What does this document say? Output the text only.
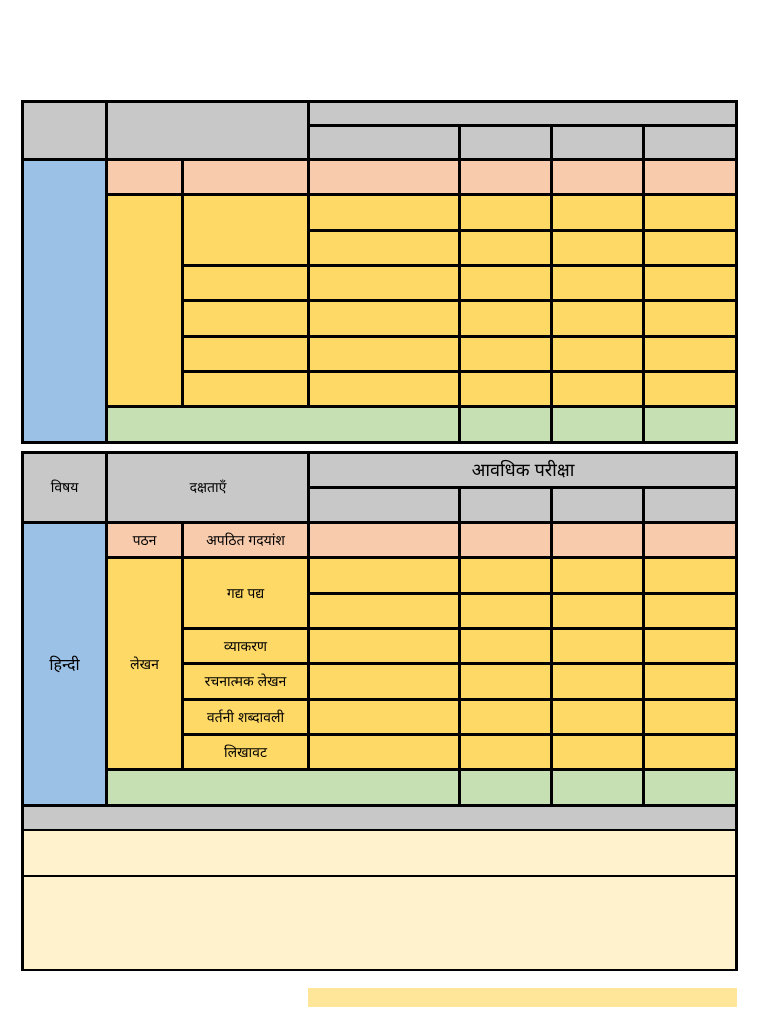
विषय	दक्षताएँ
आवधिक परीक्षा
हिन्दी
पठन	अपठित गदयांश
लेखन
गद्य पद्य
व्याकरण
रचनात्मक लेखन
वर्तनी शब्दावली
लिखावट
